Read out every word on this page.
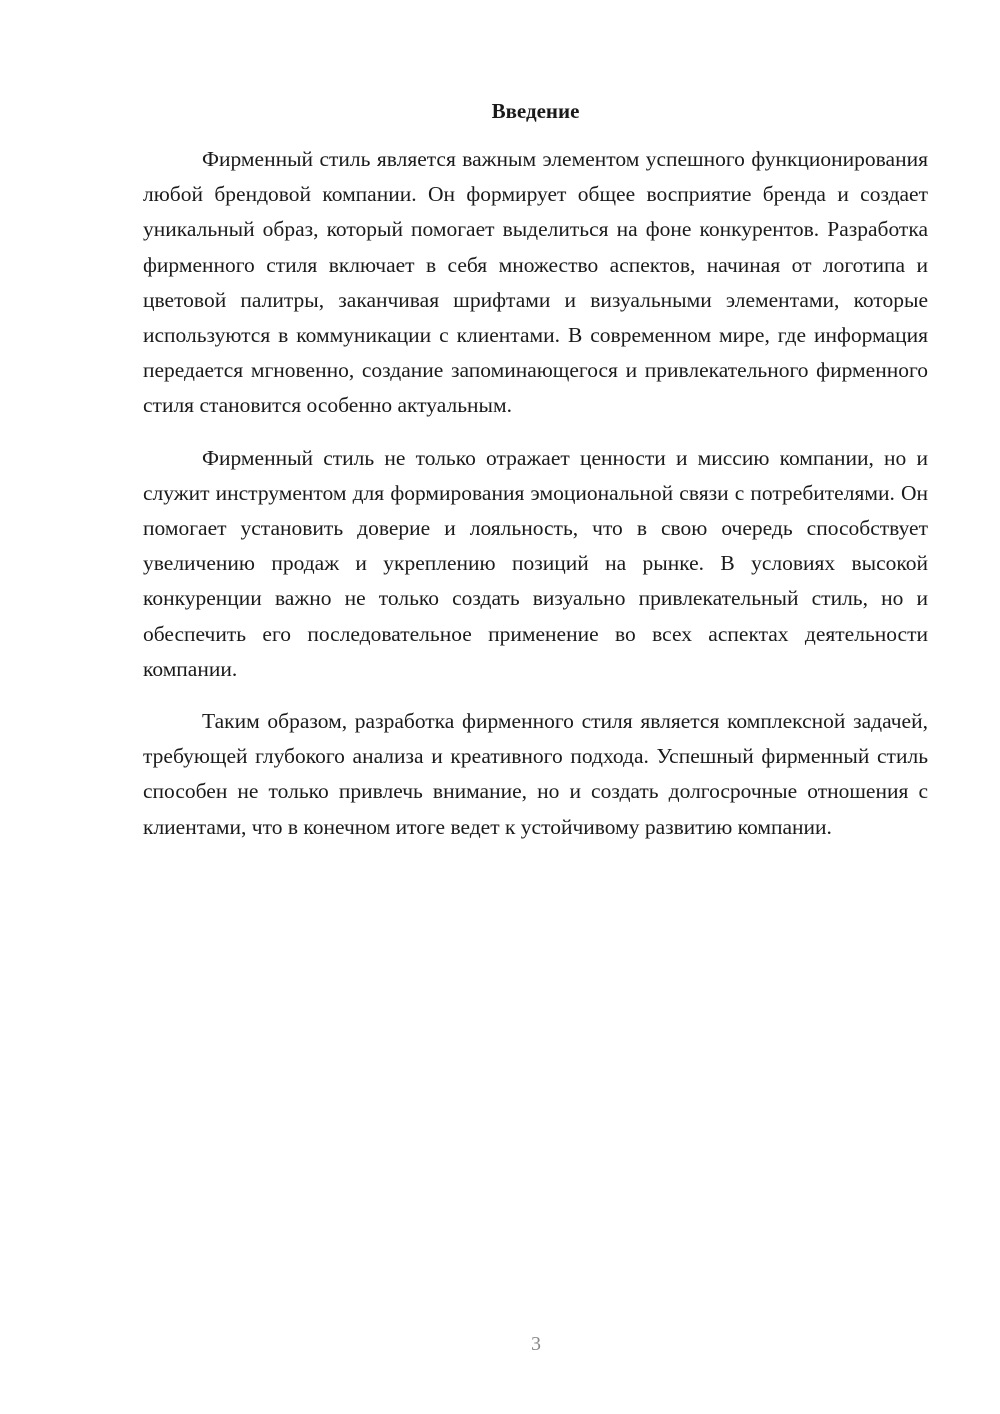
Введение

Фирменный стиль является важным элементом успешного функционирования любой брендовой компании. Он формирует общее восприятие бренда и создает уникальный образ, который помогает выделиться на фоне конкурентов. Разработка фирменного стиля включает в себя множество аспектов, начиная от логотипа и цветовой палитры, заканчивая шрифтами и визуальными элементами, которые используются в коммуникации с клиентами. В современном мире, где информация передается мгновенно, создание запоминающегося и привлекательного фирменного стиля становится особенно актуальным.

Фирменный стиль не только отражает ценности и миссию компании, но и служит инструментом для формирования эмоциональной связи с потребителями. Он помогает установить доверие и лояльность, что в свою очередь способствует увеличению продаж и укреплению позиций на рынке. В условиях высокой конкуренции важно не только создать визуально привлекательный стиль, но и обеспечить его последовательное применение во всех аспектах деятельности компании.

Таким образом, разработка фирменного стиля является комплексной задачей, требующей глубокого анализа и креативного подхода. Успешный фирменный стиль способен не только привлечь внимание, но и создать долгосрочные отношения с клиентами, что в конечном итоге ведет к устойчивому развитию компании.

3
